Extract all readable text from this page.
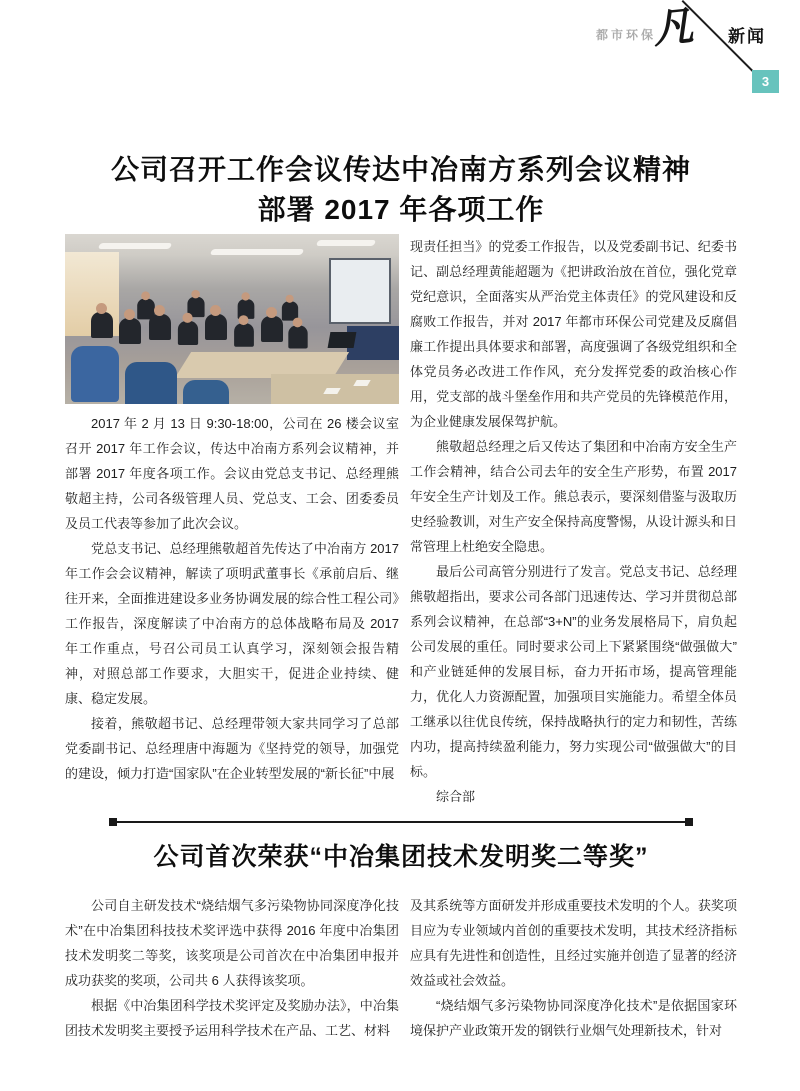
都市环保
凡 新闻
3
公司召开工作会议传达中冶南方系列会议精神
部署 2017 年各项工作

2017 年 2 月 13 日 9:30-18:00，公司在 26 楼会议室召开 2017 年工作会议，传达中冶南方系列会议精神，并部署 2017 年度各项工作。会议由党总支书记、总经理熊敬超主持，公司各级管理人员、党总支、工会、团委委员及员工代表等参加了此次会议。

党总支书记、总经理熊敬超首先传达了中冶南方 2017 年工作会会议精神，解读了项明武董事长《承前启后、继往开来，全面推进建设多业务协调发展的综合性工程公司》工作报告，深度解读了中冶南方的总体战略布局及 2017 年工作重点，号召公司员工认真学习，深刻领会报告精神，对照总部工作要求，大胆实干，促进企业持续、健康、稳定发展。

接着，熊敬超书记、总经理带领大家共同学习了总部党委副书记、总经理唐中海题为《坚持党的领导，加强党的建设，倾力打造“国家队”在企业转型发展的“新长征”中展

现责任担当》的党委工作报告，以及党委副书记、纪委书记、副总经理黄能超题为《把讲政治放在首位，强化党章党纪意识，全面落实从严治党主体责任》的党风建设和反腐败工作报告，并对 2017 年都市环保公司党建及反腐倡廉工作提出具体要求和部署，高度强调了各级党组织和全体党员务必改进工作作风，充分发挥党委的政治核心作用，党支部的战斗堡垒作用和共产党员的先锋模范作用，为企业健康发展保驾护航。

熊敬超总经理之后又传达了集团和中冶南方安全生产工作会精神，结合公司去年的安全生产形势，布置 2017 年安全生产计划及工作。熊总表示，要深刻借鉴与汲取历史经验教训，对生产安全保持高度警惕，从设计源头和日常管理上杜绝安全隐患。

最后公司高管分别进行了发言。党总支书记、总经理熊敬超指出，要求公司各部门迅速传达、学习并贯彻总部系列会议精神，在总部“3+N”的业务发展格局下，肩负起公司发展的重任。同时要求公司上下紧紧围绕“做强做大”和产业链延伸的发展目标，奋力开拓市场，提高管理能力，优化人力资源配置，加强项目实施能力。希望全体员工继承以往优良传统，保持战略执行的定力和韧性，苦练内功，提高持续盈利能力，努力实现公司“做强做大”的目标。

综合部

公司首次荣获“中冶集团技术发明奖二等奖”

公司自主研发技术“烧结烟气多污染物协同深度净化技术”在中冶集团科技技术奖评选中获得 2016 年度中冶集团技术发明奖二等奖，该奖项是公司首次在中冶集团申报并成功获奖的奖项，公司共 6 人获得该奖项。

根据《中冶集团科学技术奖评定及奖励办法》，中冶集团技术发明奖主要授予运用科学技术在产品、工艺、材料

及其系统等方面研发并形成重要技术发明的个人。获奖项目应为专业领域内首创的重要技术发明，其技术经济指标应具有先进性和创造性，且经过实施并创造了显著的经济效益或社会效益。

“烧结烟气多污染物协同深度净化技术”是依据国家环境保护产业政策开发的钢铁行业烟气处理新技术，针对
